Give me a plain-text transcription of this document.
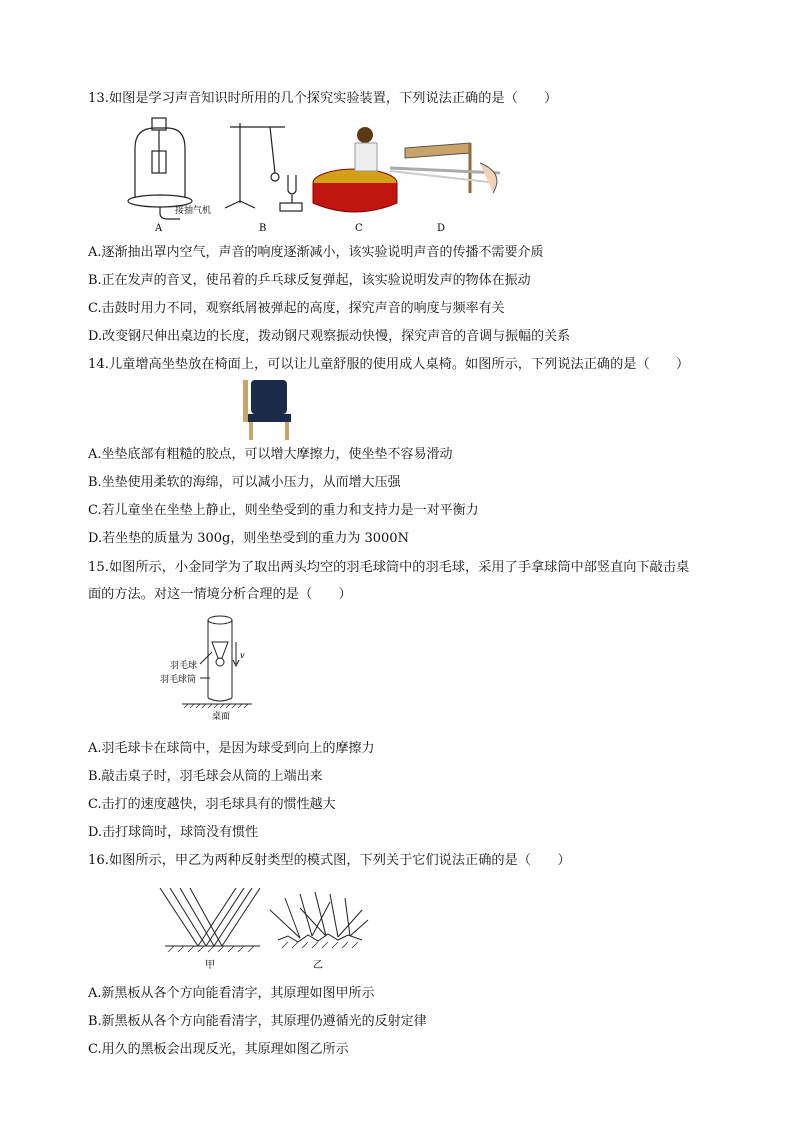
13.如图是学习声音知识时所用的几个探究实验装置，下列说法正确的是（　　）
接抽气机
A	B	C	D
A.逐渐抽出罩内空气，声音的响度逐渐减小，该实验说明声音的传播不需要介质
B.正在发声的音叉，使吊着的乒乓球反复弹起，该实验说明发声的物体在振动
C.击鼓时用力不同，观察纸屑被弹起的高度，探究声音的响度与频率有关
D.改变钢尺伸出桌边的长度，拨动钢尺观察振动快慢，探究声音的音调与振幅的关系
14.儿童增高坐垫放在椅面上，可以让儿童舒服的使用成人桌椅。如图所示，下列说法正确的是（　　）
A.坐垫底部有粗糙的胶点，可以增大摩擦力，使坐垫不容易滑动
B.坐垫使用柔软的海绵，可以减小压力，从而增大压强
C.若儿童坐在坐垫上静止，则坐垫受到的重力和支持力是一对平衡力
D.若坐垫的质量为 300g，则坐垫受到的重力为 3000N
15.如图所示，小金同学为了取出两头均空的羽毛球筒中的羽毛球，采用了手拿球筒中部竖直向下敲击桌
面的方法。对这一情境分析合理的是（　　）
羽毛球
羽毛球筒
v
桌面
A.羽毛球卡在球筒中，是因为球受到向上的摩擦力
B.敲击桌子时，羽毛球会从筒的上端出来
C.击打的速度越快，羽毛球具有的惯性越大
D.击打球筒时，球筒没有惯性
16.如图所示，甲乙为两种反射类型的模式图，下列关于它们说法正确的是（　　）
甲	乙
A.新黑板从各个方向能看清字，其原理如图甲所示
B.新黑板从各个方向能看清字，其原理仍遵循光的反射定律
C.用久的黑板会出现反光，其原理如图乙所示
